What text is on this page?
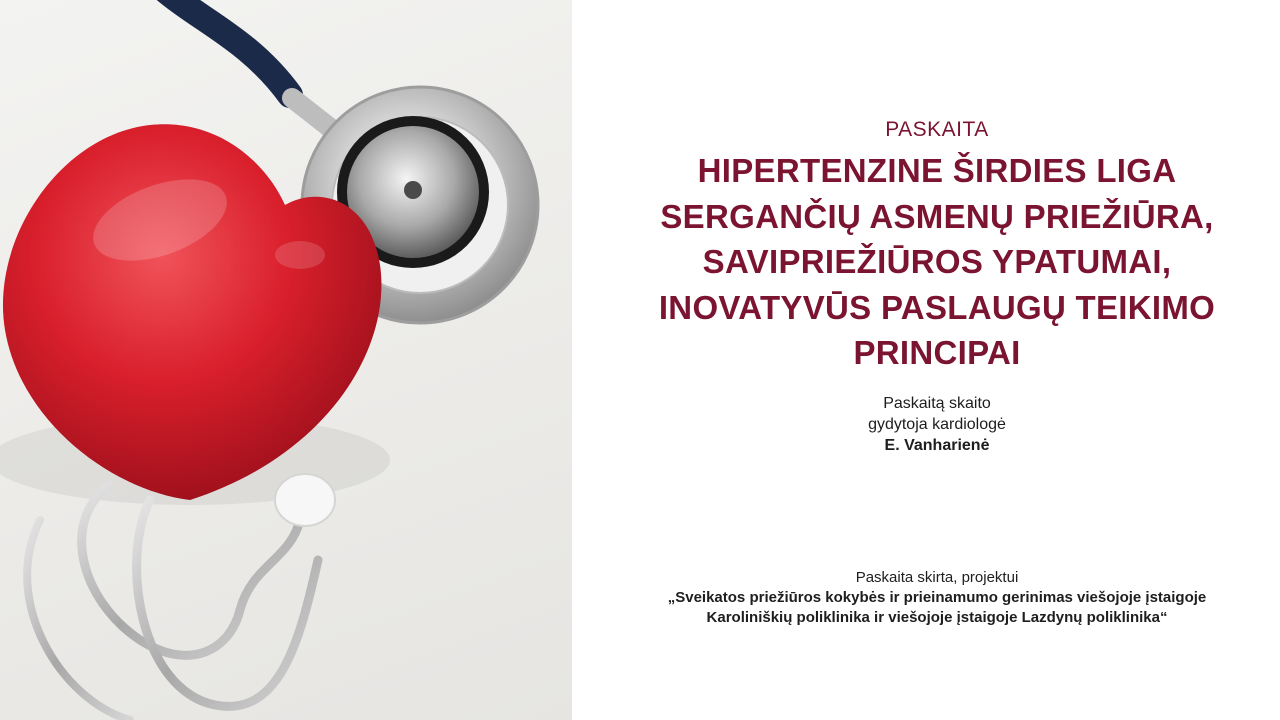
PASKAITA
HIPERTENZINE ŠIRDIES LIGA
SERGANČIŲ ASMENŲ PRIEŽIŪRA,
SAVIPRIEŽIŪROS YPATUMAI,
INOVATYVŪS PASLAUGŲ TEIKIMO
PRINCIPAI
Paskaitą skaito
gydytoja kardiologė
E. Vanharienė
Paskaita skirta, projektui
„Sveikatos priežiūros kokybės ir prieinamumo gerinimas viešojoje įstaigoje
Karoliniškių poliklinika ir viešojoje įstaigoje Lazdynų poliklinika“
